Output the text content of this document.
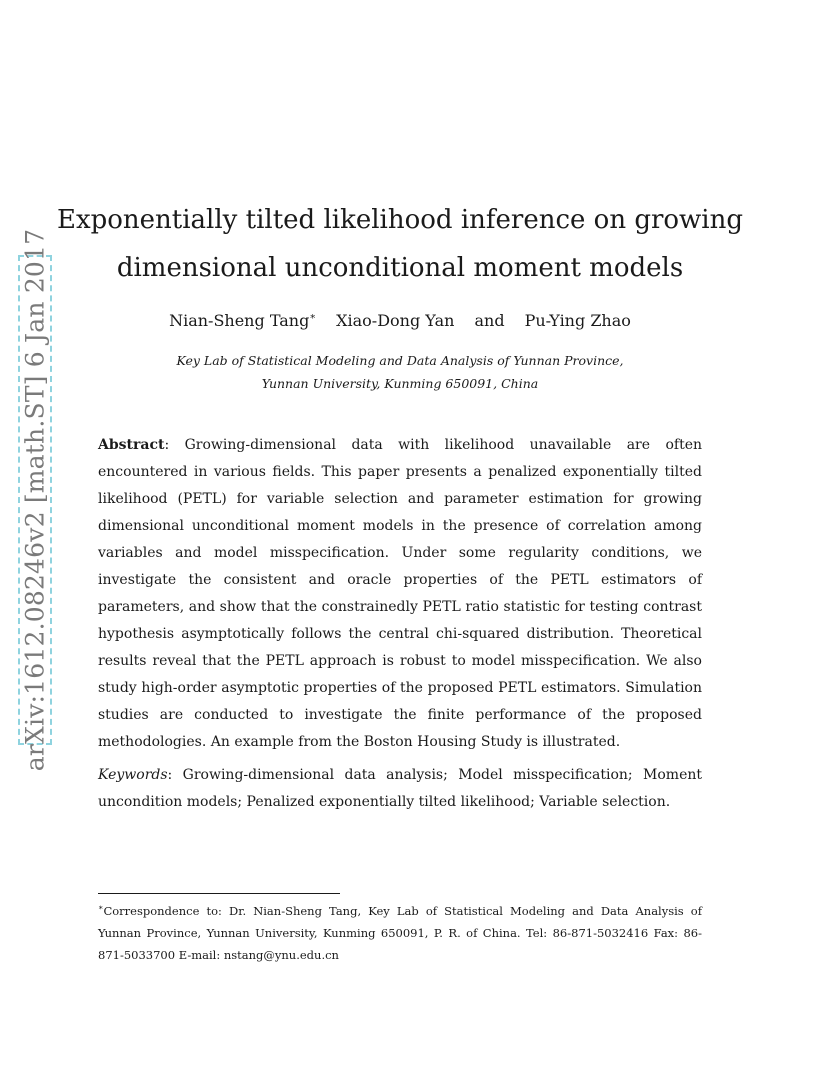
arXiv:1612.08246v2 [math.ST] 6 Jan 2017
Exponentially tilted likelihood inference on growing
dimensional unconditional moment models
Nian-Sheng Tang∗ Xiao-Dong Yan and Pu-Ying Zhao
Key Lab of Statistical Modeling and Data Analysis of Yunnan Province,
Yunnan University, Kunming 650091, China

Abstract: Growing-dimensional data with likelihood unavailable are often encountered in various fields. This paper presents a penalized exponentially tilted likelihood (PETL) for variable selection and parameter estimation for growing dimensional unconditional moment models in the presence of correlation among variables and model misspecification. Under some regularity conditions, we investigate the consistent and oracle properties of the PETL estimators of parameters, and show that the constrainedly PETL ratio statistic for testing contrast hypothesis asymptotically follows the central chi-squared distribution. Theoretical results reveal that the PETL approach is robust to model misspecification. We also study high-order asymptotic properties of the proposed PETL estimators. Simulation studies are conducted to investigate the finite performance of the proposed methodologies. An example from the Boston Housing Study is illustrated.

Keywords: Growing-dimensional data analysis; Model misspecification; Moment uncondition models; Penalized exponentially tilted likelihood; Variable selection.

∗Correspondence to: Dr. Nian-Sheng Tang, Key Lab of Statistical Modeling and Data Analysis of Yunnan Province, Yunnan University, Kunming 650091, P. R. of China. Tel: 86-871-5032416 Fax: 86-871-5033700 E-mail: nstang@ynu.edu.cn
